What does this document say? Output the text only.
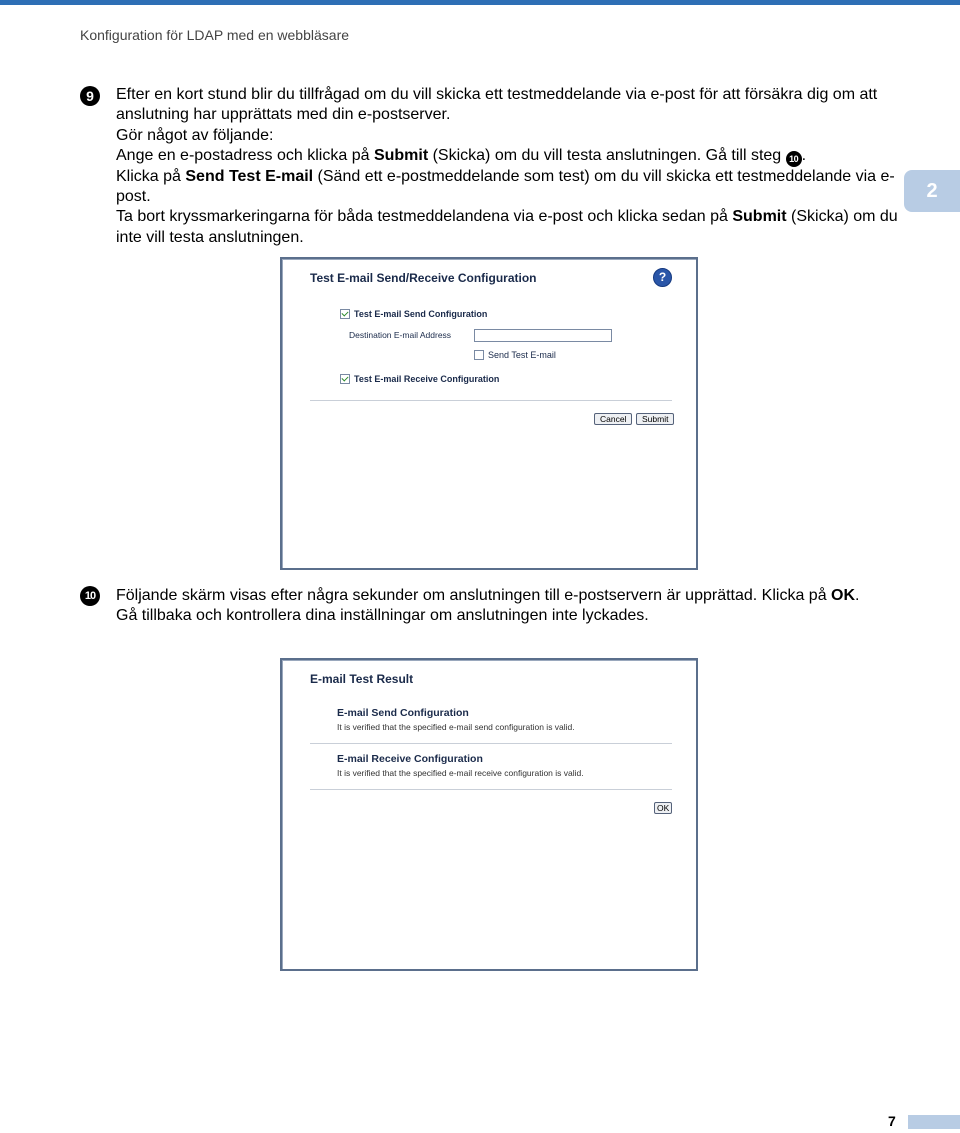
Konfiguration för LDAP med en webbläsare
2
9	Efter en kort stund blir du tillfrågad om du vill skicka ett testmeddelande via e-post för att försäkra dig om att anslutning har upprättats med din e-postserver.

Gör något av följande:

Ange en e-postadress och klicka på Submit (Skicka) om du vill testa anslutningen. Gå till steg 10 .

Klicka på Send Test E-mail (Sänd ett e-postmeddelande som test) om du vill skicka ett testmeddelande via e-post.

Ta bort kryssmarkeringarna för båda testmeddelandena via e-post och klicka sedan på Submit (Skicka) om du inte vill testa anslutningen.

Test E-mail Send/Receive Configuration	?
Test E-mail Send Configuration
Destination E-mail Address
Send Test E-mail
Test E-mail Receive Configuration
Cancel	Submit
10	Följande skärm visas efter några sekunder om anslutningen till e-postservern är upprättad. Klicka på OK.

Gå tillbaka och kontrollera dina inställningar om anslutningen inte lyckades.

E-mail Test Result
E-mail Send Configuration
It is verified that the specified e-mail send configuration is valid.
E-mail Receive Configuration
It is verified that the specified e-mail receive configuration is valid.
OK
7
